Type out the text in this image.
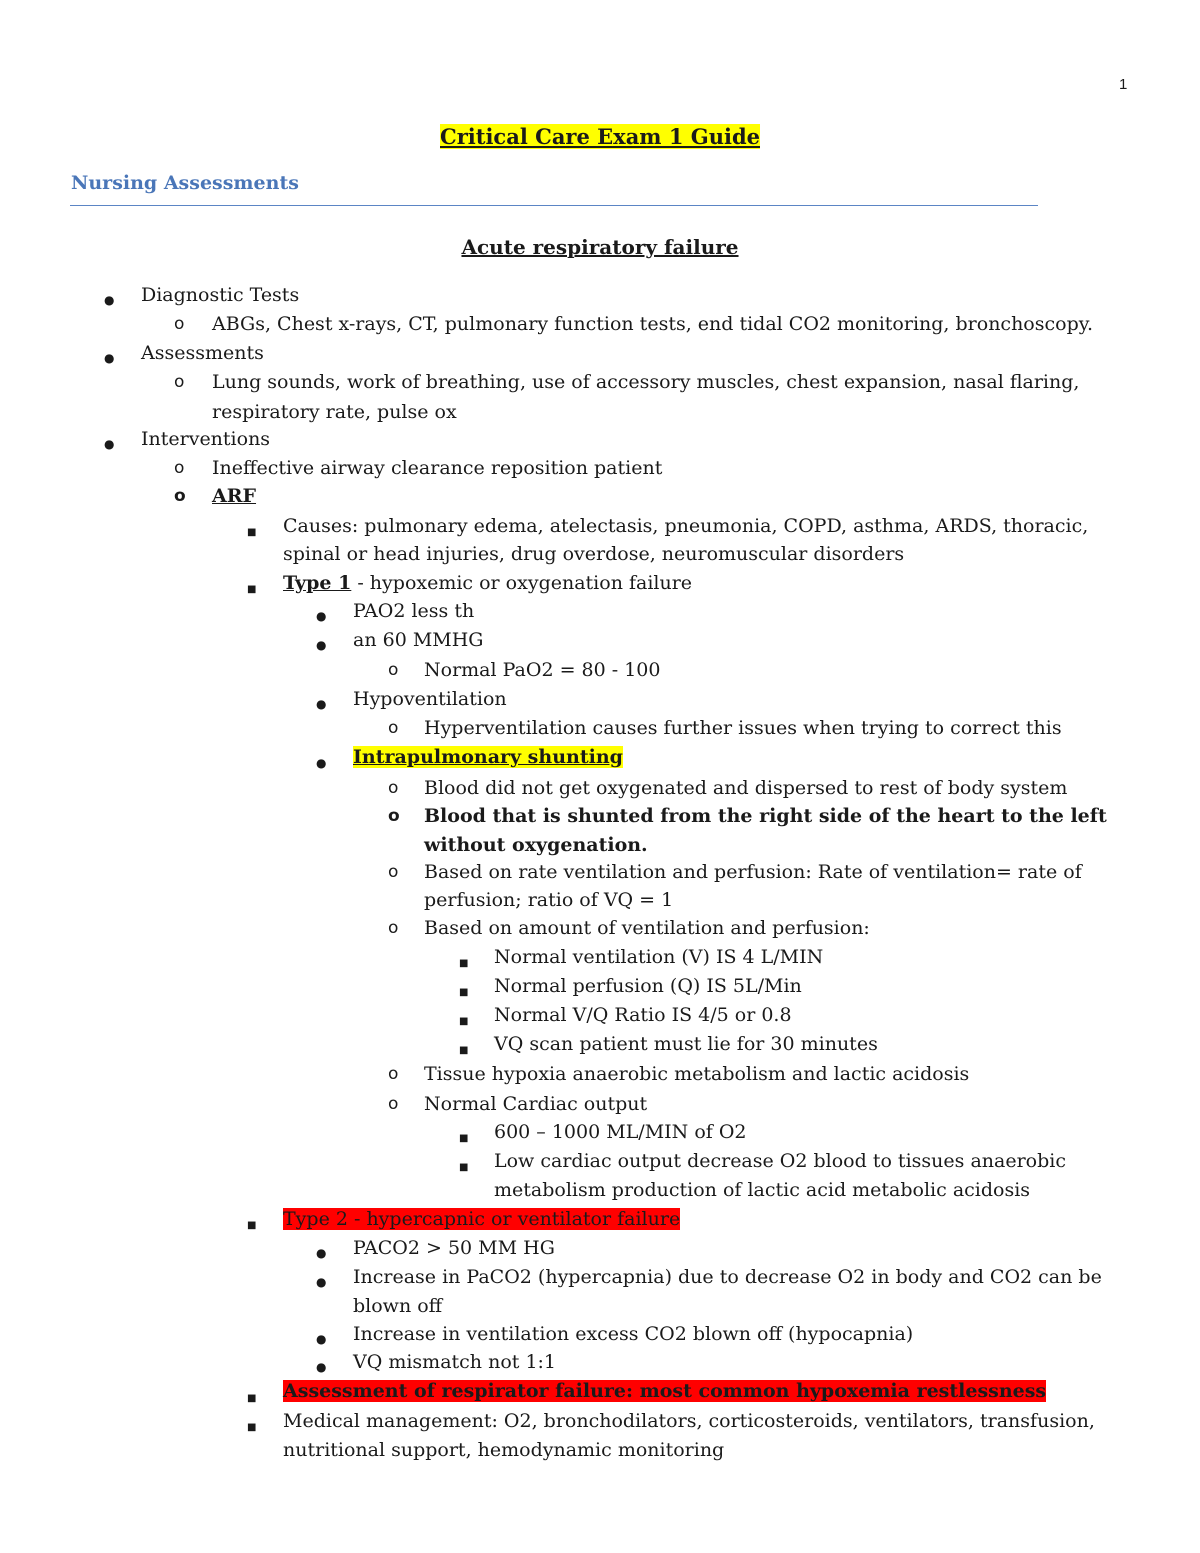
1
Critical Care Exam 1 Guide
Nursing Assessments
Acute respiratory failure
●
Diagnostic Tests
o ABGs, Chest x-rays, CT, pulmonary function tests, end tidal CO2 monitoring, bronchoscopy.
●
Assessments
o Lung sounds, work of breathing, use of accessory muscles, chest expansion, nasal flaring,
respiratory rate, pulse ox
●
Interventions
o Ineffective airway clearance reposition patient
o ARF
■
Causes: pulmonary edema, atelectasis, pneumonia, COPD, asthma, ARDS, thoracic,
spinal or head injuries, drug overdose, neuromuscular disorders
■
Type 1 - hypoxemic or oxygenation failure
●
PAO2 less th
●
an 60 MMHG
o Normal PaO2 = 80 - 100
●
Hypoventilation
o Hyperventilation causes further issues when trying to correct this
●
Intrapulmonary shunting
o Blood did not get oxygenated and dispersed to rest of body system
o Blood that is shunted from the right side of the heart to the left
without oxygenation.
o Based on rate ventilation and perfusion: Rate of ventilation= rate of
perfusion; ratio of VQ = 1
o Based on amount of ventilation and perfusion:
■
Normal ventilation (V) IS 4 L/MIN
■
Normal perfusion (Q) IS 5L/Min
■
Normal V/Q Ratio IS 4/5 or 0.8
■
VQ scan patient must lie for 30 minutes
o Tissue hypoxia anaerobic metabolism and lactic acidosis
o Normal Cardiac output
■
600 – 1000 ML/MIN of O2
■
Low cardiac output decrease O2 blood to tissues anaerobic
metabolism production of lactic acid metabolic acidosis
■
Type 2 - hypercapnic or ventilator failure
●
PACO2 > 50 MM HG
●
Increase in PaCO2 (hypercapnia) due to decrease O2 in body and CO2 can be
blown off
●
Increase in ventilation excess CO2 blown off (hypocapnia)
●
VQ mismatch not 1:1
■
Assessment of respirator failure: most common hypoxemia restlessness
■
Medical management: O2, bronchodilators, corticosteroids, ventilators, transfusion,
nutritional support, hemodynamic monitoring
